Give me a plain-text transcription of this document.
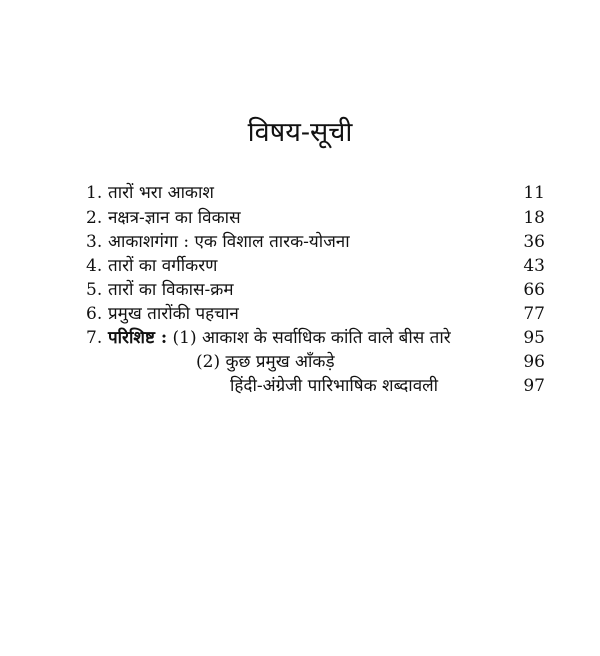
विषय-सूची
1. तारों भरा आकाश	11
2. नक्षत्र-ज्ञान का विकास	18
3. आकाशगंगा : एक विशाल तारक-योजना	36
4. तारों का वर्गीकरण	43
5. तारों का विकास-क्रम	66
6. प्रमुख तारोंकी पहचान	77
7. परिशिष्ट : (1) आकाश के सर्वाधिक कांति वाले बीस तारे	95
(2) कुछ प्रमुख आँकड़े	96
हिंदी-अंग्रेजी पारिभाषिक शब्दावली	97
